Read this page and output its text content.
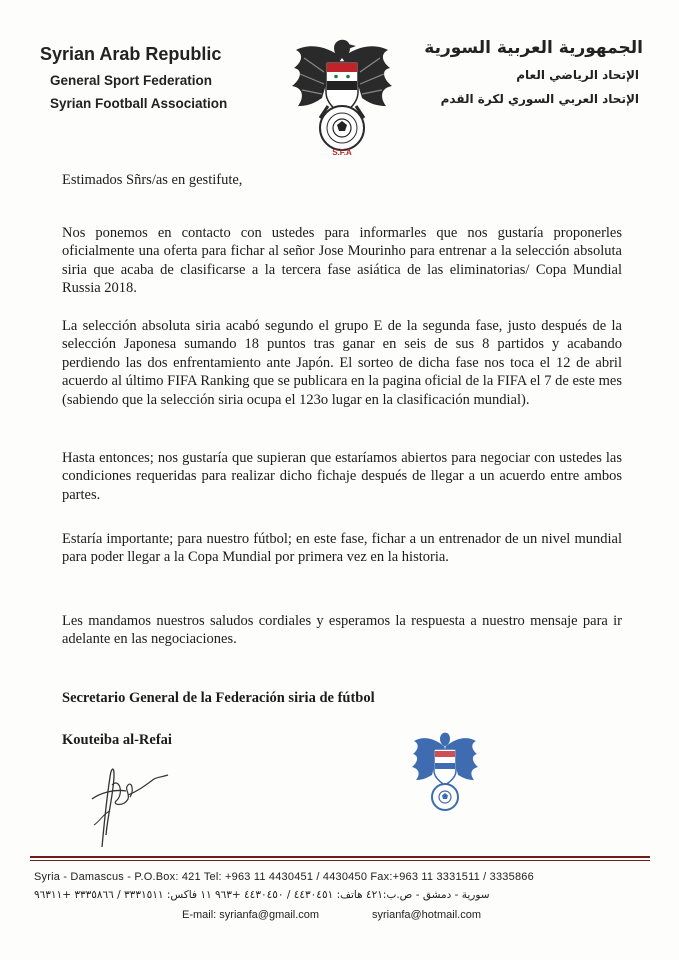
Syrian Arab Republic
General Sport Federation
Syrian Football Association
S.F.A
الجمهورية العربية السورية
الإتحاد الرياضي العام
الإتحاد العربي السوري لكرة القدم
Estimados Sñrs/as en gestifute,

Nos ponemos en contacto con ustedes para informarles que nos gustaría proponerles oficialmente una oferta para fichar al señor Jose Mourinho para entrenar a la selección absoluta siria que acaba de clasificarse a la tercera fase asiática de las eliminatorias/ Copa Mundial Russia 2018.

La selección absoluta siria acabó segundo el grupo E de la segunda fase, justo después de la selección Japonesa sumando 18 puntos tras ganar en seis de sus 8 partidos y acabando perdiendo las dos enfrentamiento ante Japón. El sorteo de dicha fase nos toca el 12 de abril acuerdo al último FIFA Ranking que se publicara en la pagina oficial de la FIFA el 7 de este mes (sabiendo que la selección siria ocupa el 123o lugar en la clasificación mundial).

Hasta entonces; nos gustaría que supieran que estaríamos abiertos para negociar con ustedes las condiciones requeridas para realizar dicho fichaje después de llegar a un acuerdo entre ambos partes.

Estaría importante; para nuestro fútbol; en este fase, fichar a un entrenador de un nivel mundial para poder llegar a la Copa Mundial por primera vez en la historia.

Les mandamos nuestros saludos cordiales y esperamos la respuesta a nuestro mensaje para ir adelante en las negociaciones.

Secretario General de la Federación siria de fútbol
Kouteiba al-Refai
Syria - Damascus - P.O.Box: 421 Tel: +963 11 4430451 / 4430450 Fax:+963 11 3331511 / 3335866
سورية - دمشق - ص.ب:٤٢١ هاتف: ٤٤٣٠٤٥١ / ٤٤٣٠٤٥٠ +٩٦٣ ١١ فاكس: ٣٣٣١٥١١ / ٣٣٣٥٨٦٦ +٩٦٣١١
E-mail: syrianfa@gmail.com	syrianfa@hotmail.com
